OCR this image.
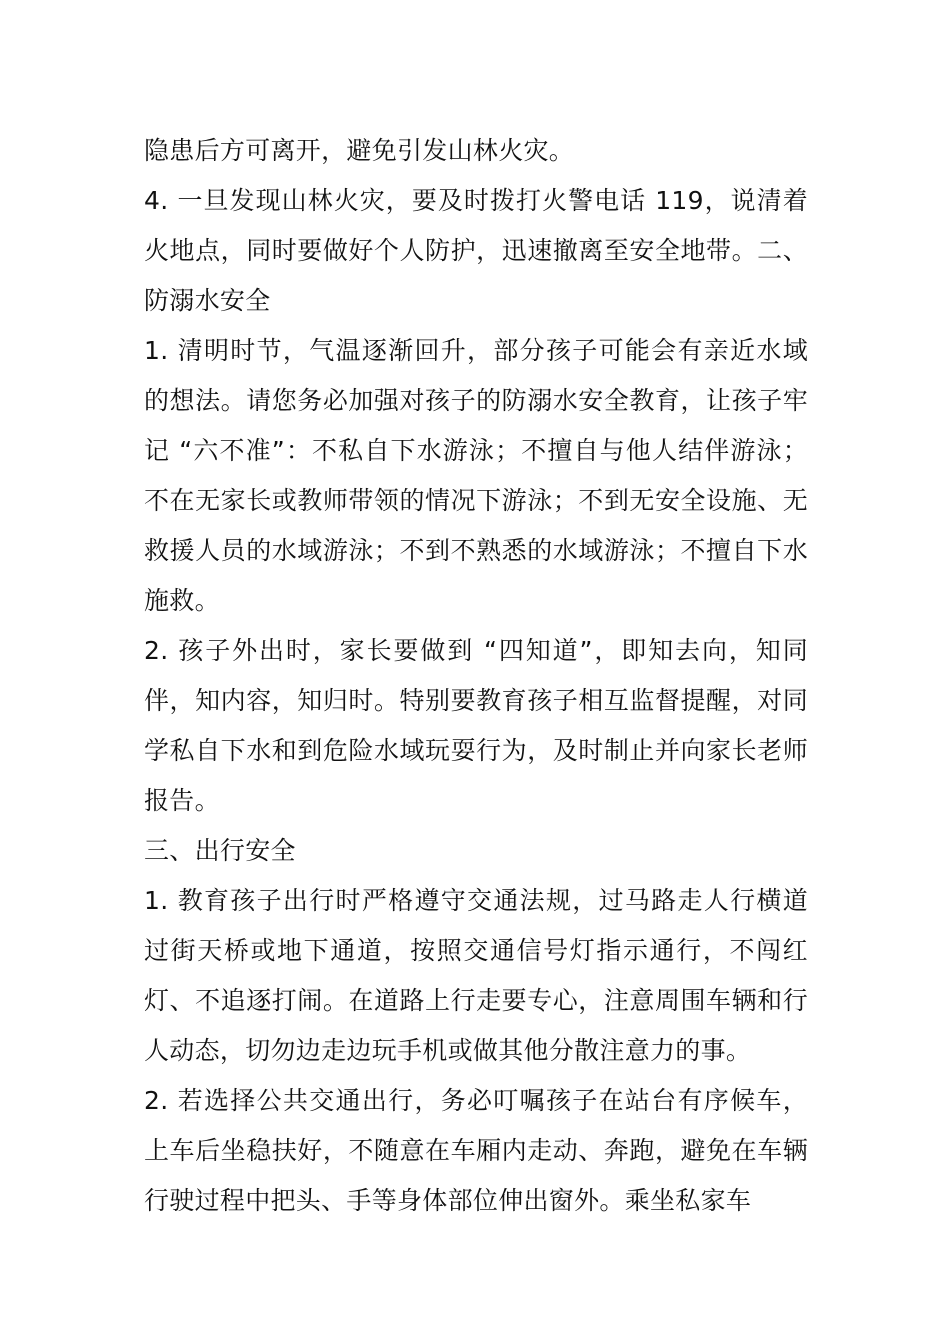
隐患后方可离开，避免引发山林火灾。

4. 一旦发现山林火灾，要及时拨打火警电话 119，说清着火地点，同时要做好个人防护，迅速撤离至安全地带。二、防溺水安全

1. 清明时节，气温逐渐回升，部分孩子可能会有亲近水域的想法。请您务必加强对孩子的防溺水安全教育，让孩子牢记 “六不准”：不私自下水游泳；不擅自与他人结伴游泳；不在无家长或教师带领的情况下游泳；不到无安全设施、无救援人员的水域游泳；不到不熟悉的水域游泳；不擅自下水施救。

2. 孩子外出时，家长要做到 “四知道”，即知去向，知同伴，知内容，知归时。特别要教育孩子相互监督提醒，对同学私自下水和到危险水域玩耍行为，及时制止并向家长老师报告。

三、出行安全

1. 教育孩子出行时严格遵守交通法规，过马路走人行横道过街天桥或地下通道，按照交通信号灯指示通行，不闯红灯、不追逐打闹。在道路上行走要专心，注意周围车辆和行人动态，切勿边走边玩手机或做其他分散注意力的事。

2. 若选择公共交通出行，务必叮嘱孩子在站台有序候车，上车后坐稳扶好，不随意在车厢内走动、奔跑，避免在车辆行驶过程中把头、手等身体部位伸出窗外。乘坐私家车
